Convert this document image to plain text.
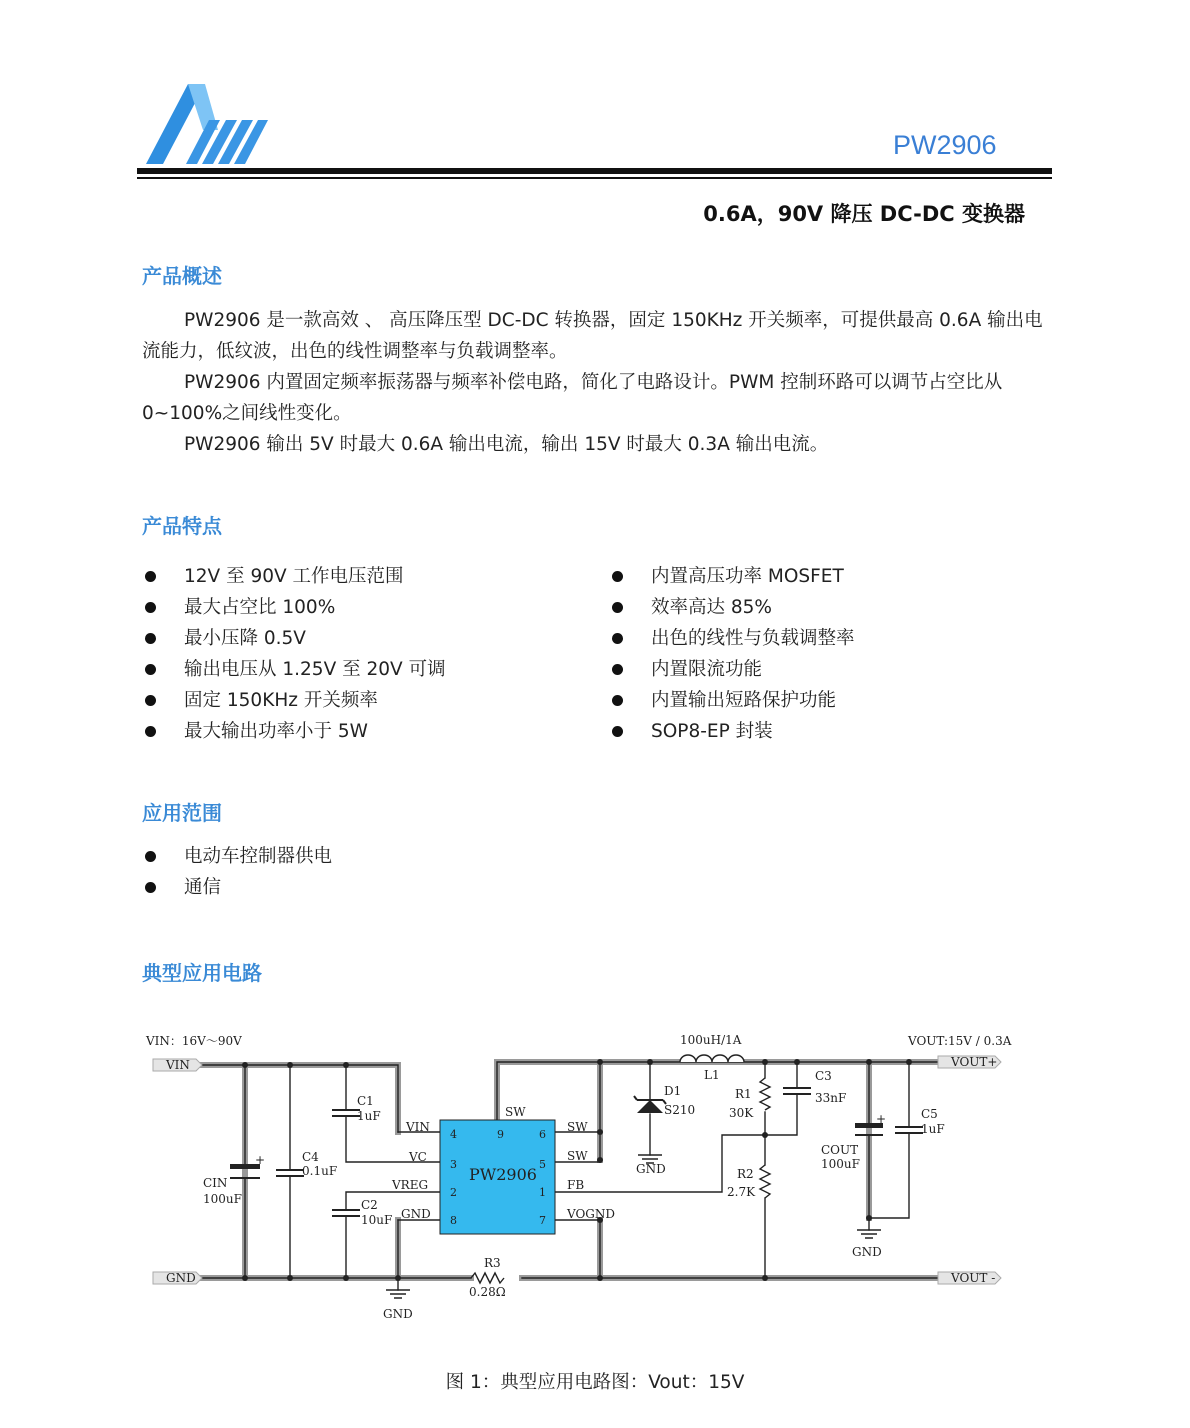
PW2906
0.6A，90V 降压 DC-DC 变换器
产品概述

PW2906 是一款高效 、 高压降压型 DC-DC 转换器，固定 150KHz 开关频率，可提供最高 0.6A 输出电流能力，低纹波，出色的线性调整率与负载调整率。

PW2906 内置固定频率振荡器与频率补偿电路，简化了电路设计。PWM 控制环路可以调节占空比从 0~100%之间线性变化。

PW2906 输出 5V 时最大 0.6A 输出电流，输出 15V 时最大 0.3A 输出电流。

产品特点
12V 至 90V 工作电压范围
最大占空比 100%
最小压降 0.5V
输出电压从 1.25V 至 20V 可调
固定 150KHz 开关频率
最大输出功率小于 5W
内置高压功率 MOSFET
效率高达 85%
出色的线性与负载调整率
内置限流功能
内置输出短路保护功能
SOP8-EP 封装
应用范围
电动车控制器供电
通信
典型应用电路
VIN：16V～90V	VOUT:15V / 0.3A
VIN
GND
VOUT+
VOUT -
PW2906
VIN
VC
VREG
GND
SW
SW
SW
FB
VOGND
4
3
2
8
9	6
5
1
7
CIN
100uF
+	C4
0.1uF
C1
1uF
C2
10uF
D1
S210
GND
100uH/1A
L1
R1
30K
R2
2.7K
C3
33nF
+
COUT
100uF
C5
1uF
GND
R3
0.28Ω
GND
图 1：典型应用电路图：Vout：15V
